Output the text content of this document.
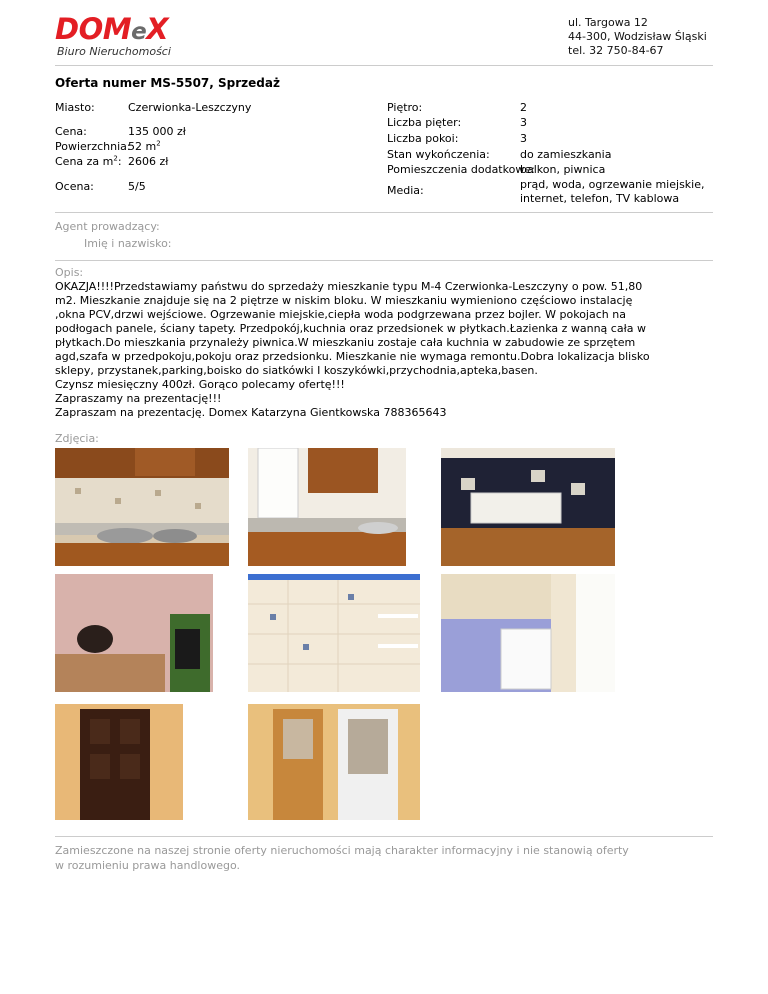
DOMeX
Biuro Nieruchomości
ul. Targowa 12
44-300, Wodzisław Śląski
tel. 32 750-84-67
Oferta numer MS-5507, Sprzedaż
Miasto:	Czerwionka-Leszczyny
Cena:	135 000 zł
Powierzchnia:
52 $m^2$
Cena za $m^2$: 2606 zł
Ocena:	5/5
Piętro:	2
Liczba pięter:	3
Liczba pokoi:	3
Stan wykończenia:	do zamieszkania
Pomieszczenia dodatkowe:
balkon, piwnica
Media:	prąd, woda, ogrzewanie miejskie,
internet, telefon, TV kablowa
Agent prowadzący:
Imię i nazwisko:
Opis:

OKAZJA!!!!Przedstawiamy państwu do sprzedaży mieszkanie typu M-4 Czerwionka-Leszczyny o pow. 51,80 m2. Mieszkanie znajduje się na 2 piętrze w niskim bloku. W mieszkaniu wymieniono częściowo instalację ,okna PCV,drzwi wejściowe. Ogrzewanie miejskie,ciepła woda podgrzewana przez bojler. W pokojach na podłogach panele, ściany tapety. Przedpokój,kuchnia oraz przedsionek w płytkach.Łazienka z wanną cała w płytkach.Do mieszkania przynależy piwnica.W mieszkaniu zostaje cała kuchnia w zabudowie ze sprzętem agd,szafa w przedpokoju,pokoju oraz przedsionku. Mieszkanie nie wymaga remontu.Dobra lokalizacja blisko sklepy, przystanek,parking,boisko do siatkówki I koszykówki,przychodnia,apteka,basen.

Czynsz miesięczny 400zł. Gorąco polecamy ofertę!!!

Zapraszamy na prezentację!!!

Zapraszam na prezentację. Domex Katarzyna Gientkowska 788365643

Zdjęcia:
Zamieszczone na naszej stronie oferty nieruchomości mają charakter informacyjny i nie stanowią oferty
w rozumieniu prawa handlowego.
